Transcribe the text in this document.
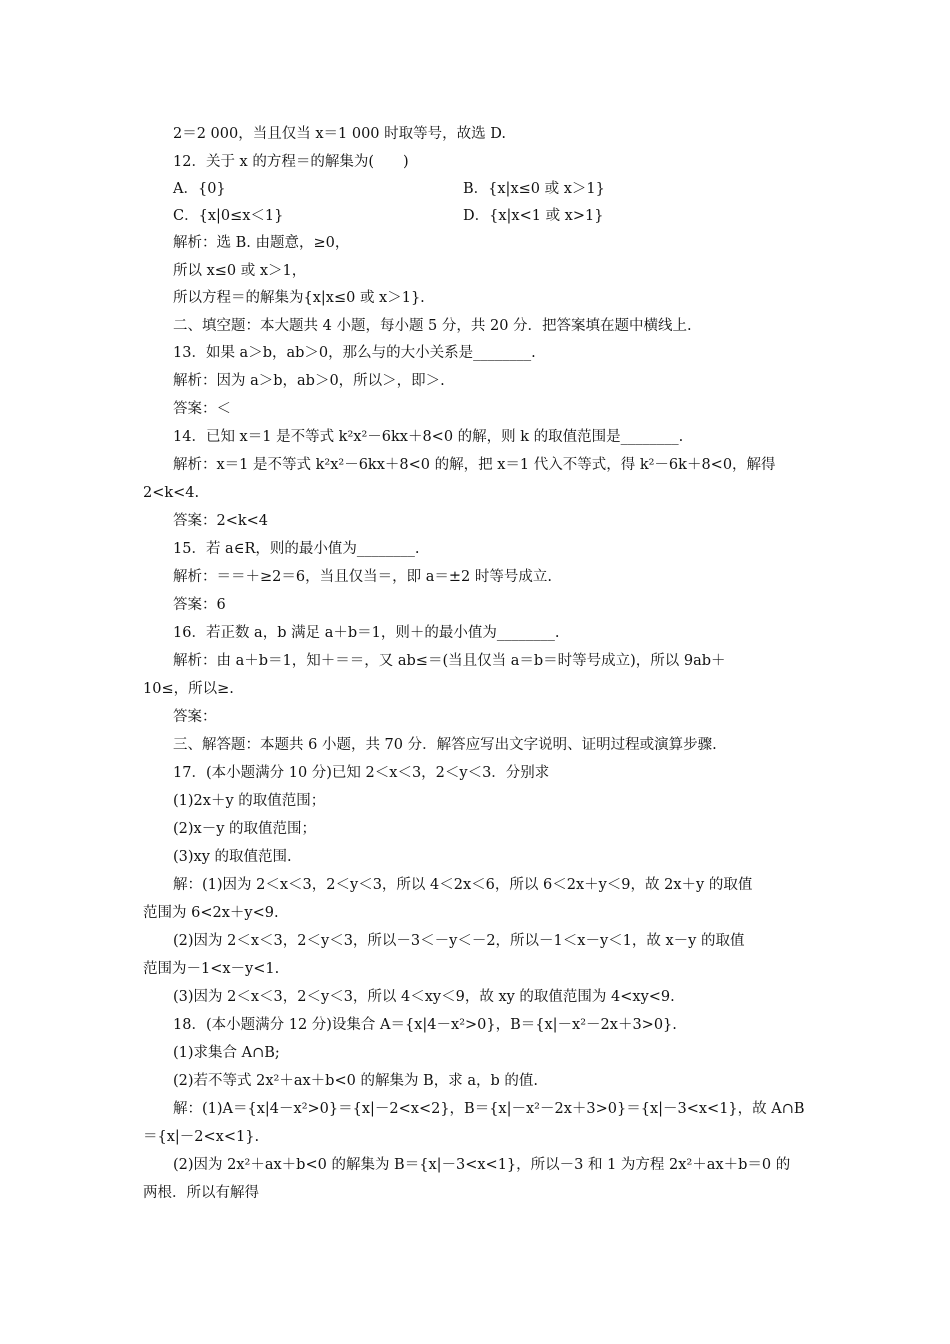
2＝2 000，当且仅当 x＝1 000 时取等号，故选 D.
12．关于 x 的方程＝的解集为(　　)
A．{0}	B．{x|x≤0 或 x＞1}
C．{x|0≤x＜1}	D．{x|x<1 或 x>1}
解析：选 B. 由题意，≥0，
所以 x≤0 或 x＞1，
所以方程＝的解集为{x|x≤0 或 x＞1}.
二、填空题：本大题共 4 小题，每小题 5 分，共 20 分．把答案填在题中横线上.
13．如果 a＞b，ab＞0，那么与的大小关系是________.
解析：因为 a＞b，ab＞0，所以＞，即＞.
答案：＜
14．已知 x＝1 是不等式 k²x²－6kx＋8<0 的解，则 k 的取值范围是________.
解析：x＝1 是不等式 k²x²－6kx＋8<0 的解，把 x＝1 代入不等式，得 k²－6k＋8<0，解得
2<k<4.
答案：2<k<4
15．若 a∈R，则的最小值为________.
解析：＝＝＋≥2＝6，当且仅当＝，即 a＝±2 时等号成立.
答案：6
16．若正数 a，b 满足 a＋b＝1，则＋的最小值为________.
解析：由 a＋b＝1，知＋＝＝，又 ab≤＝(当且仅当 a＝b＝时等号成立)，所以 9ab＋
10≤，所以≥.
答案：
三、解答题：本题共 6 小题，共 70 分．解答应写出文字说明、证明过程或演算步骤.
17．(本小题满分 10 分)已知 2＜x＜3，2＜y＜3．分别求
(1)2x＋y 的取值范围；
(2)x－y 的取值范围；
(3)xy 的取值范围.
解：(1)因为 2＜x＜3，2＜y＜3，所以 4＜2x＜6，所以 6＜2x＋y＜9，故 2x＋y 的取值
范围为 6<2x＋y<9.
(2)因为 2＜x＜3，2＜y＜3，所以－3＜－y＜－2，所以－1＜x－y＜1，故 x－y 的取值
范围为－1<x－y<1.
(3)因为 2＜x＜3，2＜y＜3，所以 4＜xy＜9，故 xy 的取值范围为 4<xy<9.
18．(本小题满分 12 分)设集合 A＝{x|4－x²>0}，B＝{x|－x²－2x＋3>0}.
(1)求集合 A∩B;
(2)若不等式 2x²＋ax＋b<0 的解集为 B，求 a，b 的值.
解：(1)A＝{x|4－x²>0}＝{x|－2<x<2}，B＝{x|－x²－2x＋3>0}＝{x|－3<x<1}，故 A∩B
＝{x|－2<x<1}.
(2)因为 2x²＋ax＋b<0 的解集为 B＝{x|－3<x<1}，所以－3 和 1 为方程 2x²＋ax＋b＝0 的
两根．所以有解得
